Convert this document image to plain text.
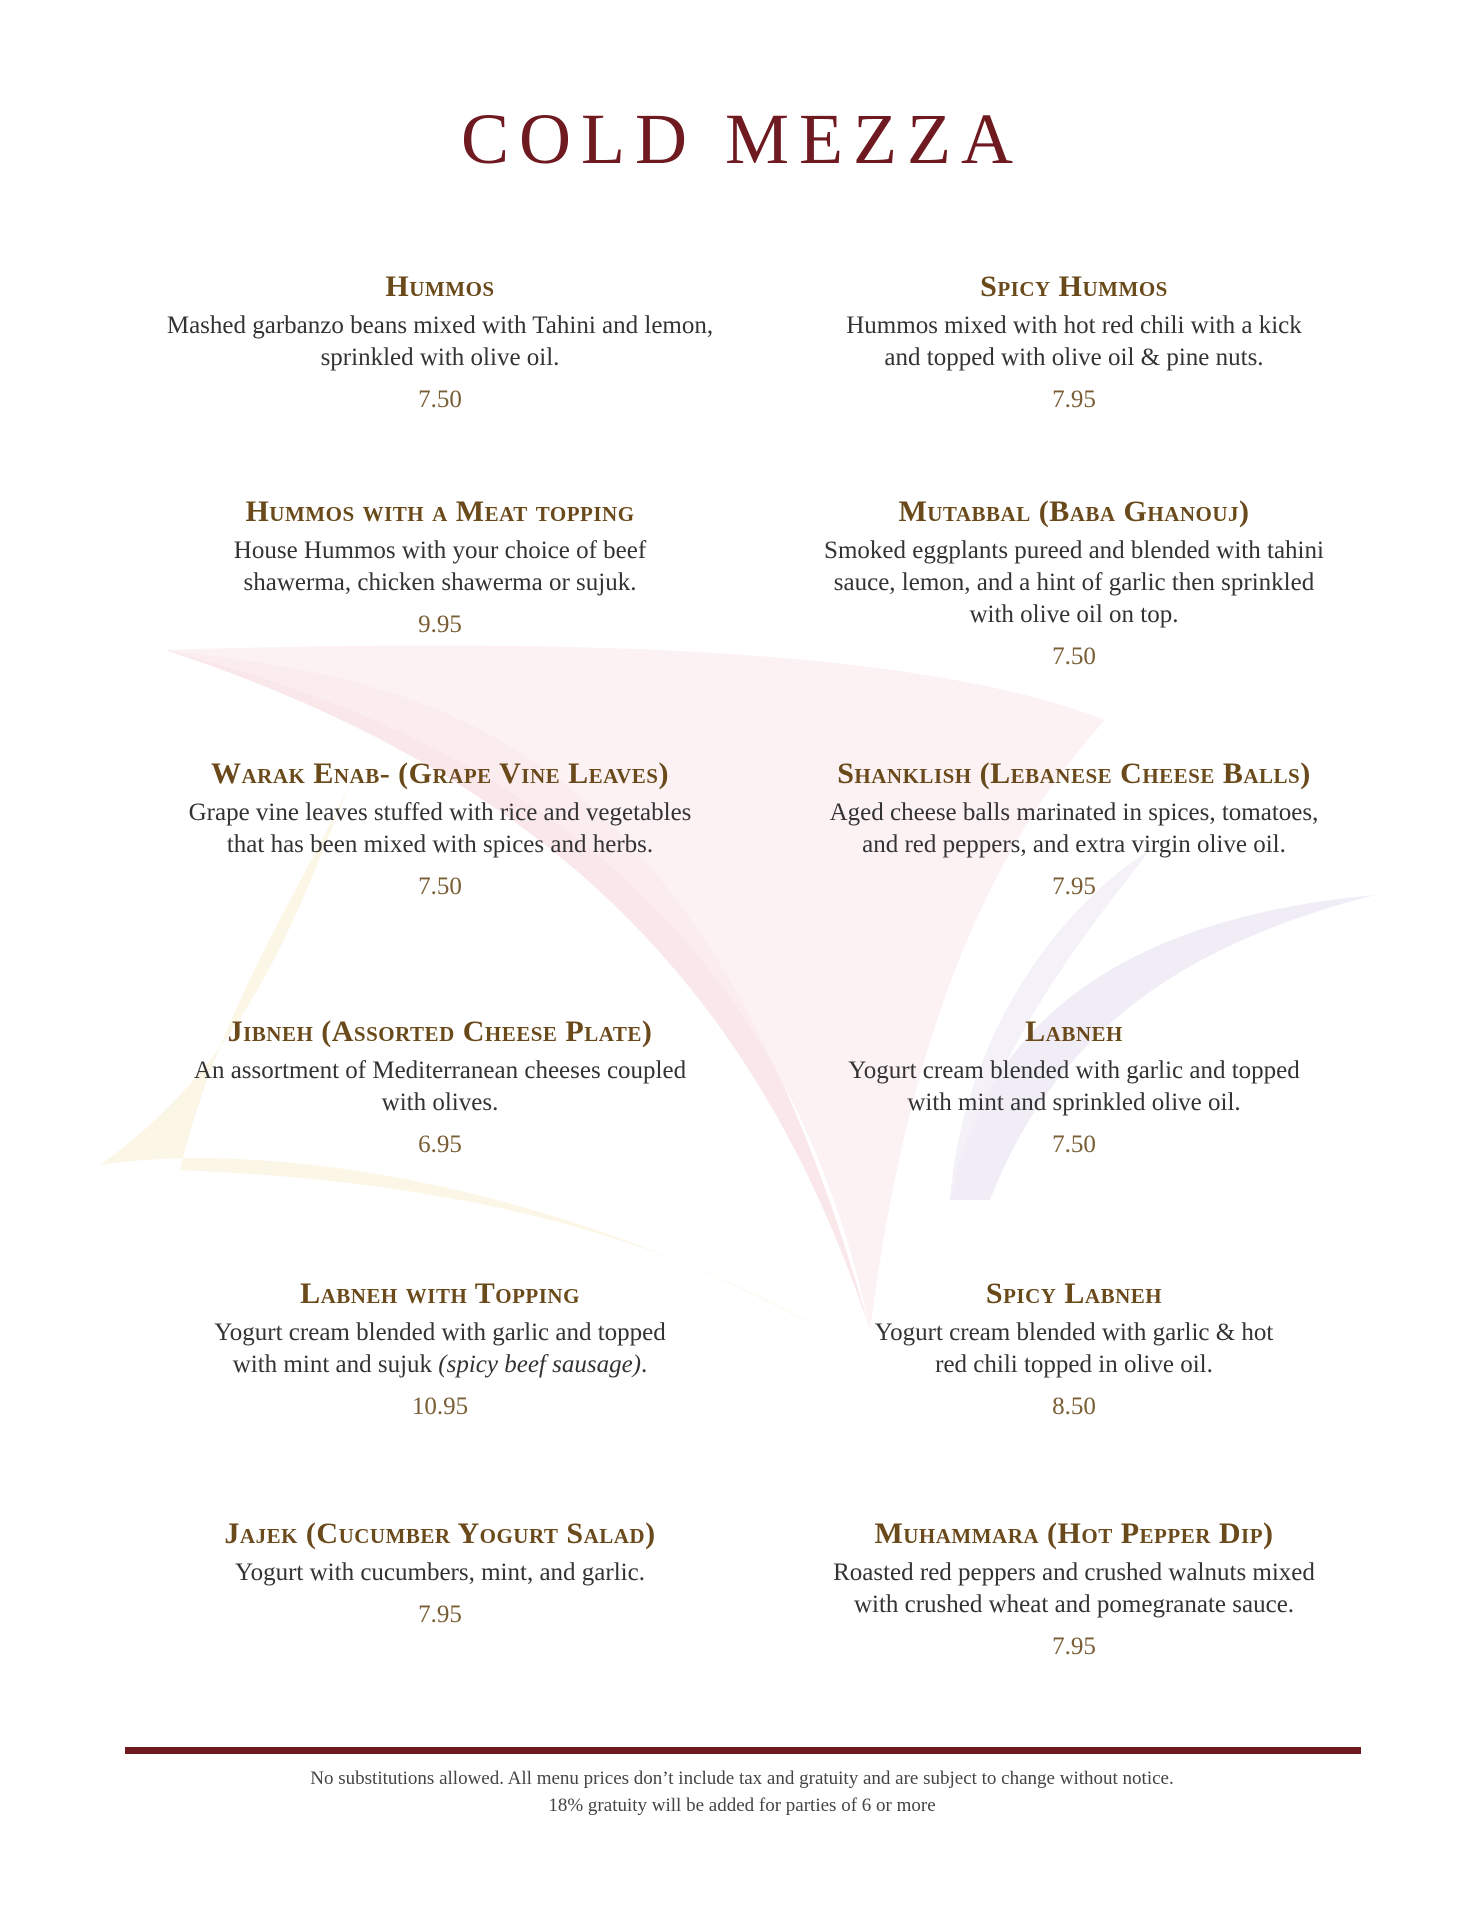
COLD MEZZA
Hummos
Mashed garbanzo beans mixed with Tahini and lemon,
sprinkled with olive oil.
7.50
Spicy Hummos
Hummos mixed with hot red chili with a kick
and topped with olive oil & pine nuts.
7.95
Hummos with a Meat topping
House Hummos with your choice of beef
shawerma, chicken shawerma or sujuk.
9.95
Mutabbal (Baba Ghanouj)
Smoked eggplants pureed and blended with tahini
sauce, lemon, and a hint of garlic then sprinkled
with olive oil on top.
7.50
Warak Enab- (Grape Vine Leaves)
Grape vine leaves stuffed with rice and vegetables
that has been mixed with spices and herbs.
7.50
Shanklish (Lebanese Cheese Balls)
Aged cheese balls marinated in spices, tomatoes,
and red peppers, and extra virgin olive oil.
7.95
Jibneh (Assorted Cheese Plate)
An assortment of Mediterranean cheeses coupled
with olives.
6.95
Labneh
Yogurt cream blended with garlic and topped
with mint and sprinkled olive oil.
7.50
Labneh with Topping
Yogurt cream blended with garlic and topped
with mint and sujuk (spicy beef sausage).
10.95
Spicy Labneh
Yogurt cream blended with garlic & hot
red chili topped in olive oil.
8.50
Jajek (Cucumber Yogurt Salad)
Yogurt with cucumbers, mint, and garlic.
7.95
Muhammara (Hot Pepper Dip)
Roasted red peppers and crushed walnuts mixed
with crushed wheat and pomegranate sauce.
7.95
No substitutions allowed. All menu prices don’t include tax and gratuity and are subject to change without notice.
18% gratuity will be added for parties of 6 or more
